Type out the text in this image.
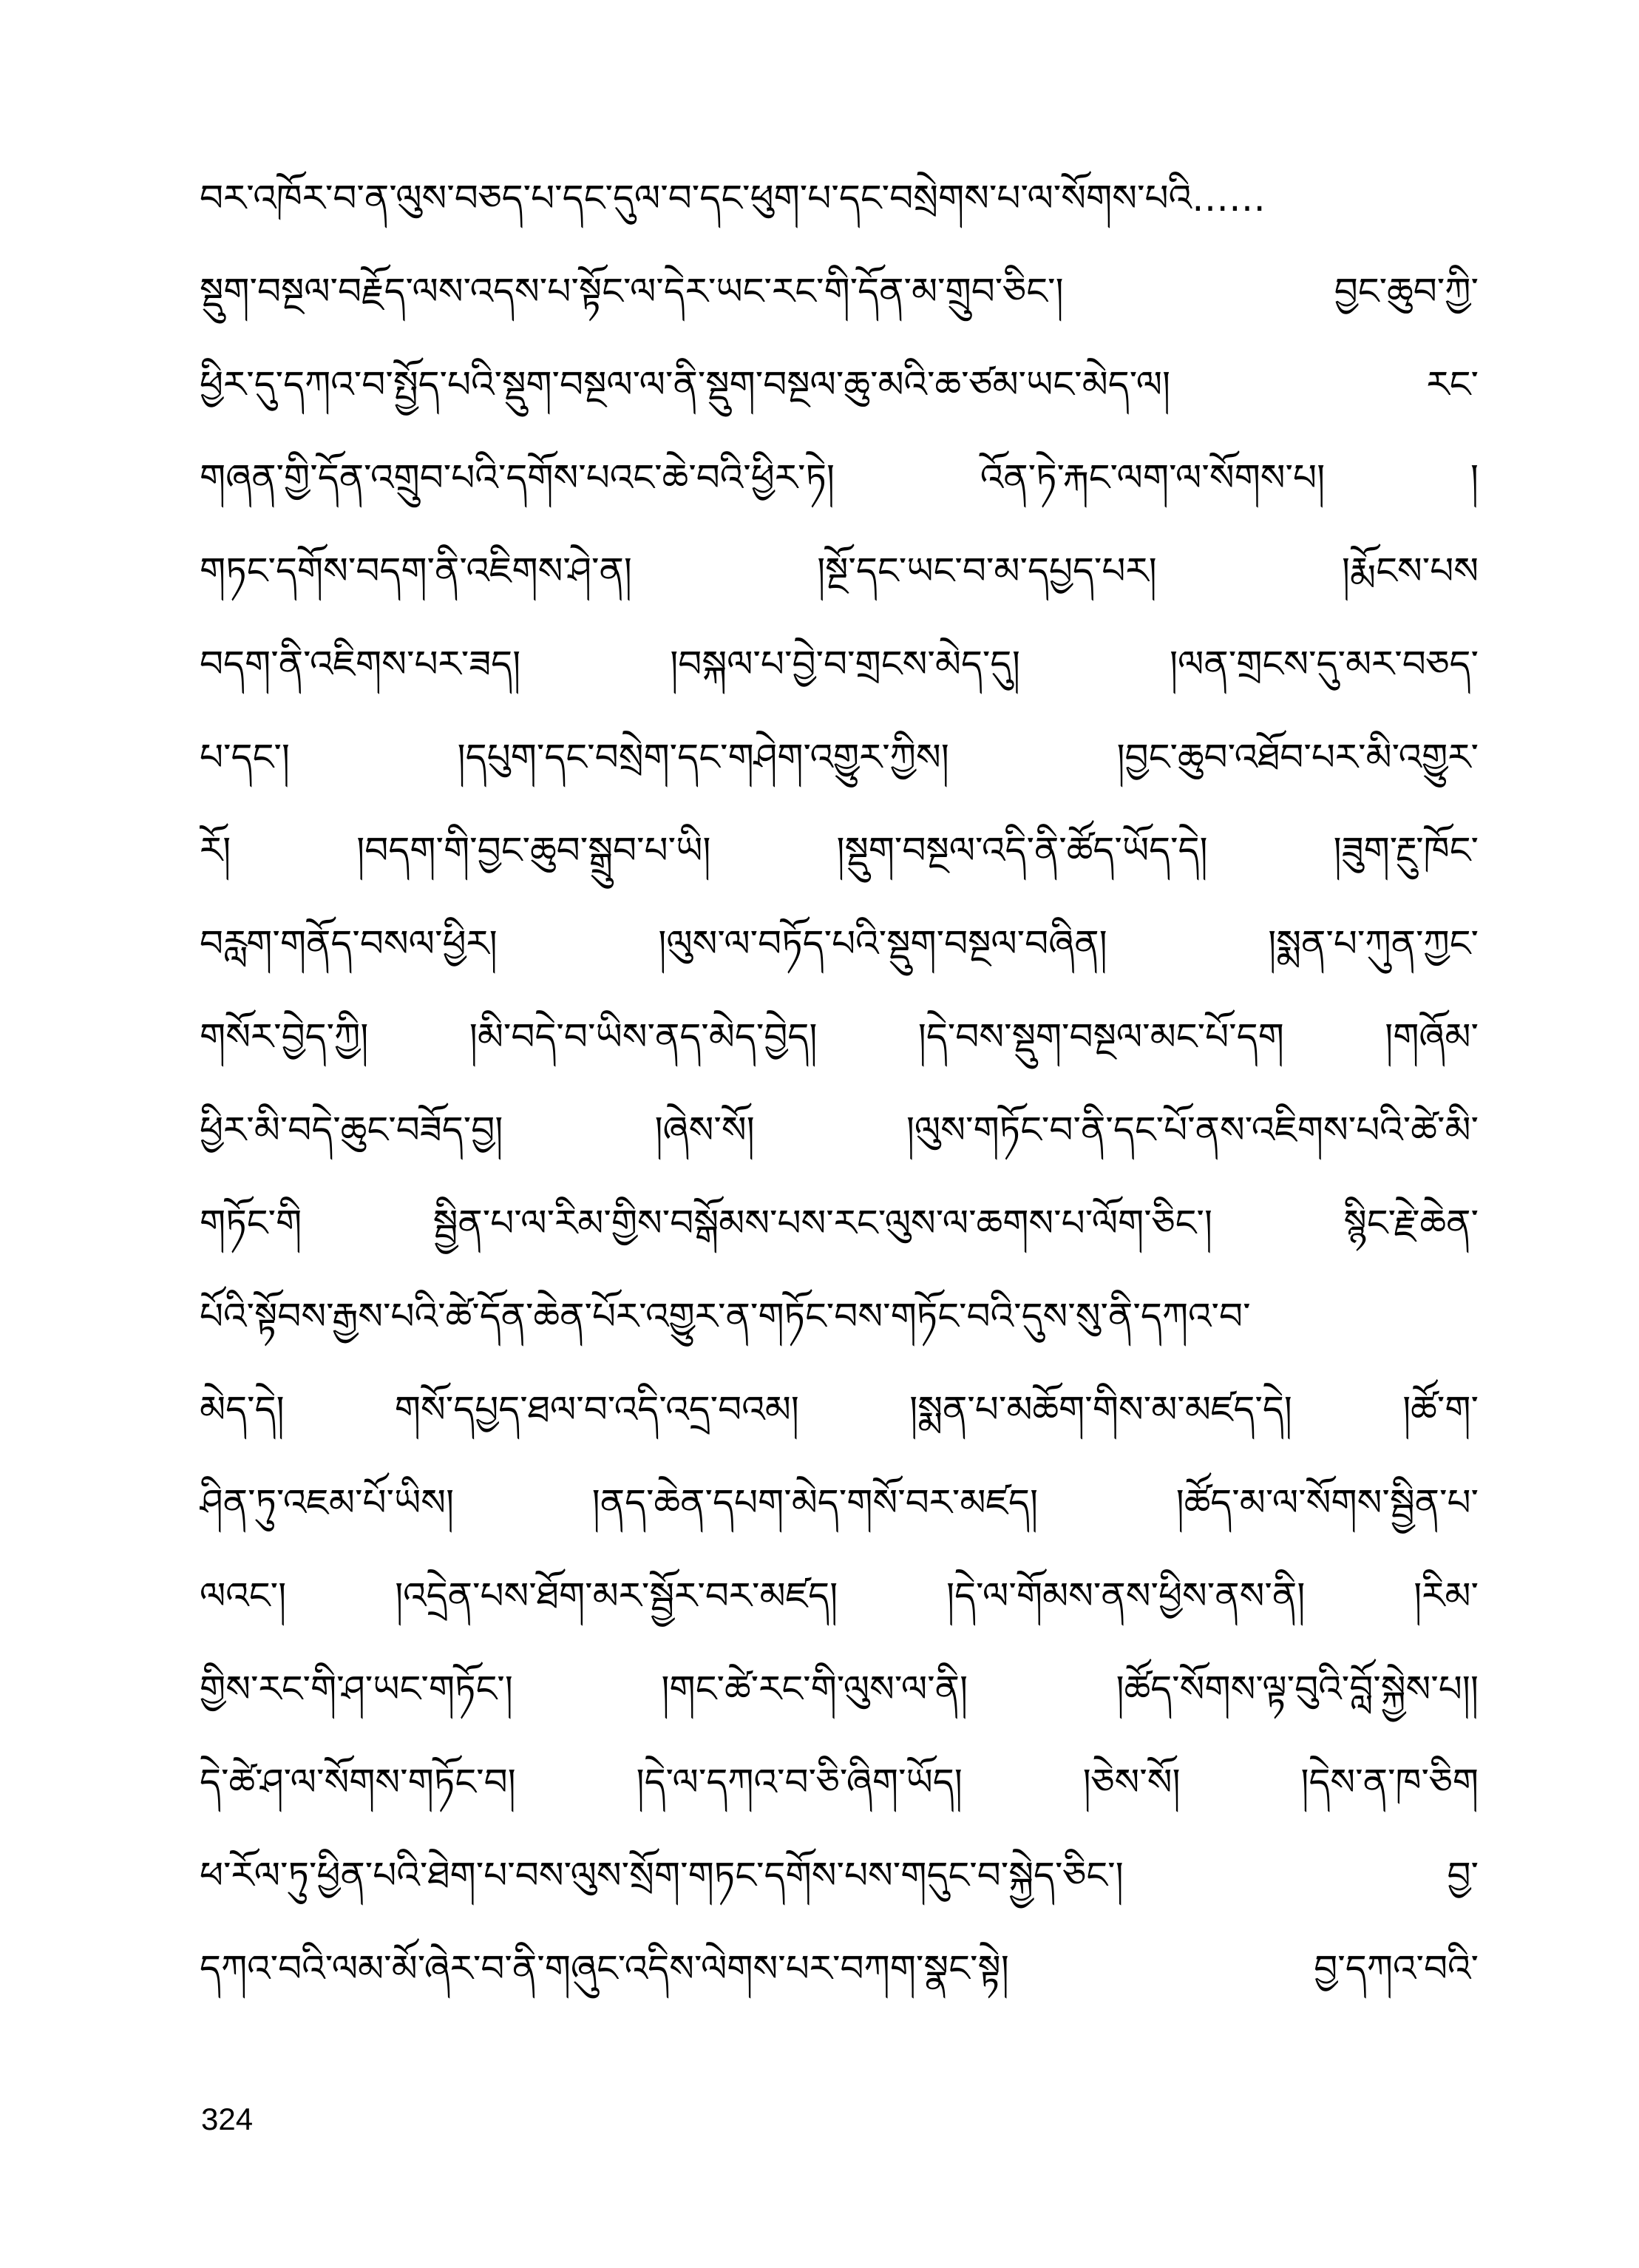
བར་འཁོར་བ་ན་ལུས་བཅད་པ་དང་དུལ་བ་དང་ཕུག་པ་དང་བསྲེགས་པ་ལ་སོགས་པའི……
སྡུག་བསྔལ་བརྗོད་ལས་འདས་པ་སྟོང་ལ་དེར་ཡང་རང་གི་དོན་མ་གྲུབ་ཅིང་། བྱང་ཆུབ་ཀྱི་
ཕྱིར་དུ་དཀའ་བ་སྤྱོད་པའི་སྡུག་བསྔལ་ལ་ནི་སྡུག་བསྔལ་ཆུ་མའི་ཆ་ཙམ་ཡང་མེད་ལ། རང་
གཞན་གྱི་དོན་འགྲུབ་པའི་དགོས་པའང་ཆེ་བའི་ཕྱིར་ཏེ། འོན་ཏེ་རྐང་ལག་ལ་སོགས་པ། །
གཏང་དགོས་བདག་ནི་འཇིགས་ཤེ་ན། །སྔོ་དང་ཡང་བ་མ་དཔྱད་པར། །རྨོངས་པས
བདག་ནི་འཇིགས་པར་ཟད། །བསྐལ་པ་བྱེ་བ་གྲངས་མེད་དུ། །ལན་གྲངས་དུ་མར་བཅད་
པ་དང་། །དཔུག་དང་བསྲེག་དང་གཤེག་འགྱུར་ཀྱིས། །བྱང་ཆུབ་འཐོབ་པར་མི་འགྱུར་
རོ། །བདག་གི་བྱང་ཆུབ་སྒྲུབ་པ་ཡི། །སྡུག་བསྔལ་འདི་ནི་ཚོད་ཡོད་དེ། །ཟུག་རྔུ་ཁོང་
བརླག་གནོད་བསལ་ཕྱིར། །ལུས་ལ་བཏོད་པའི་སྡུག་བསྔལ་བཞིན། །སྨན་པ་ཀུན་ཀྱང་
གསོར་བྱེད་ཀྱི། །མི་བདེ་བ་ཡིས་ནད་མེད་བྱེད། །དེ་བས་སྡུག་བསྔལ་མང་པོ་དག །གཞོམ་
ཕྱིར་མི་བདེ་ཆུང་བཟོད་བྱ། །ཞེས་སོ། །ལུས་གཏོང་བ་ནི་དང་པོ་ནས་འཇིགས་པའི་ཚེ་མི་
གཏོང་གི སྦྱིན་པ་ལ་རིམ་གྱིས་བསྒོམས་པས་རང་ལུས་ལ་ཆགས་པ་ལོག་ཅིང་། སྙིང་རྗེ་ཆེན་
པོའི་སྟོབས་རྒྱས་པའི་ཚེ་དོན་ཆེན་པོར་འགྱུར་ན་གཏོང་བས་གཏོང་བའི་དུས་སུ་ནི་དཀའ་བ་
མེད་དེ། གསོ་དཔྱད་ཐལ་བ་འདི་འདྲ་བའམ། །སྨན་པ་མཆོག་གིས་མ་མཛད་དེ། །ཚོ་ག་
ཤིན་ཏུ་འཇམ་པོ་ཡིས། །ནད་ཆེན་དཔག་མེད་གསོ་བར་མཛད། །ཚོད་མ་ལ་སོགས་སྦྱིན་པ་
ལའང་། །འདྲེན་པས་ཐོག་མར་སྦྱོར་བར་མཛད། །དེ་ལ་གོམས་ནས་ཕྱིས་ནས་ནི། །རིམ་
གྱིས་རང་གི་ཤ་ཡང་གཏོང་། །གང་ཚེ་རང་གི་ལུས་ལ་ནི། །ཚོད་སོགས་ལྟ་བུའི་བློ་སྐྱེས་པ།།
དེ་ཚེ་ཤ་ལ་སོགས་གཏོང་བ། །དེ་ལ་དཀའ་བ་ཅི་ཞིག་ཡོད། །ཅེས་སོ། །དེས་ན་ཁ་ཅིག
ཕ་རོལ་ཏུ་ཕྱིན་པའི་ཐེག་པ་བས་ལུས་སྲོག་གཏང་དགོས་པས་གདུང་བ་སྐྱེད་ཅིང་། བྱ་
དཀའ་བའི་ལམ་མོ་ཞེར་བ་ནི་གཞུང་འདིས་ལེགས་པར་བཀག་སྣང་སྟེ། བྱ་དཀའ་བའི་
324
